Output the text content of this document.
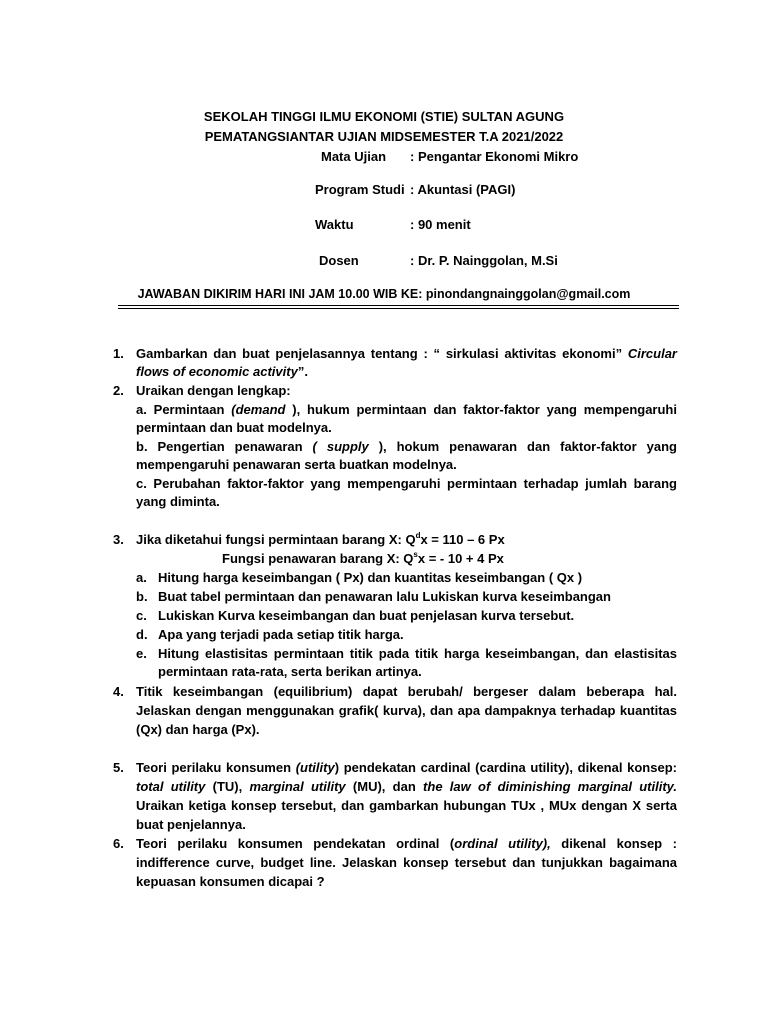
SEKOLAH TINGGI ILMU EKONOMI (STIE) SULTAN AGUNG
PEMATANGSIANTAR UJIAN MIDSEMESTER T.A 2021/2022
Mata Ujian : Pengantar Ekonomi Mikro
Program Studi : Akuntasi (PAGI)
Waktu	: 90 menit
Dosen	: Dr. P. Nainggolan, M.Si
JAWABAN DIKIRIM HARI INI JAM 10.00 WIB KE: pinondangnainggolan@gmail.com
1. Gambarkan dan buat penjelasannya tentang : “ sirkulasi aktivitas ekonomi” Circular
flows of economic activity”.
2. Uraikan dengan lengkap:
a. Permintaan (demand ), hukum permintaan dan faktor-faktor yang mempengaruhi
permintaan dan buat modelnya.
b. Pengertian penawaran ( supply ), hokum penawaran dan faktor-faktor yang
mempengaruhi penawaran serta buatkan modelnya.
c. Perubahan faktor-faktor yang mempengaruhi permintaan terhadap jumlah barang
yang diminta.
3. Jika diketahui fungsi permintaan barang X: $Q^dx = 110 - 6$ Px
Fungsi penawaran barang X: $Q^sx$ = - 10 + 4 Px
a. Hitung harga keseimbangan ( Px) dan kuantitas keseimbangan ( Qx )
b. Buat tabel permintaan dan penawaran lalu Lukiskan kurva keseimbangan
c. Lukiskan Kurva keseimbangan dan buat penjelasan kurva tersebut.
d. Apa yang terjadi pada setiap titik harga.
e. Hitung elastisitas permintaan titik pada titik harga keseimbangan, dan elastisitas
permintaan rata-rata, serta berikan artinya.
4. Titik keseimbangan (equilibrium) dapat berubah/ bergeser dalam beberapa hal.
Jelaskan dengan menggunakan grafik( kurva), dan apa dampaknya terhadap kuantitas
(Qx) dan harga (Px).
5. Teori perilaku konsumen (utility) pendekatan cardinal (cardina utility), dikenal konsep:
total utility (TU), marginal utility (MU), dan the law of diminishing marginal utility.
Uraikan ketiga konsep tersebut, dan gambarkan hubungan TUx , MUx dengan X serta
buat penjelannya.
6. Teori perilaku konsumen pendekatan ordinal (ordinal utility), dikenal konsep :
indifference curve, budget line. Jelaskan konsep tersebut dan tunjukkan bagaimana
kepuasan konsumen dicapai ?
